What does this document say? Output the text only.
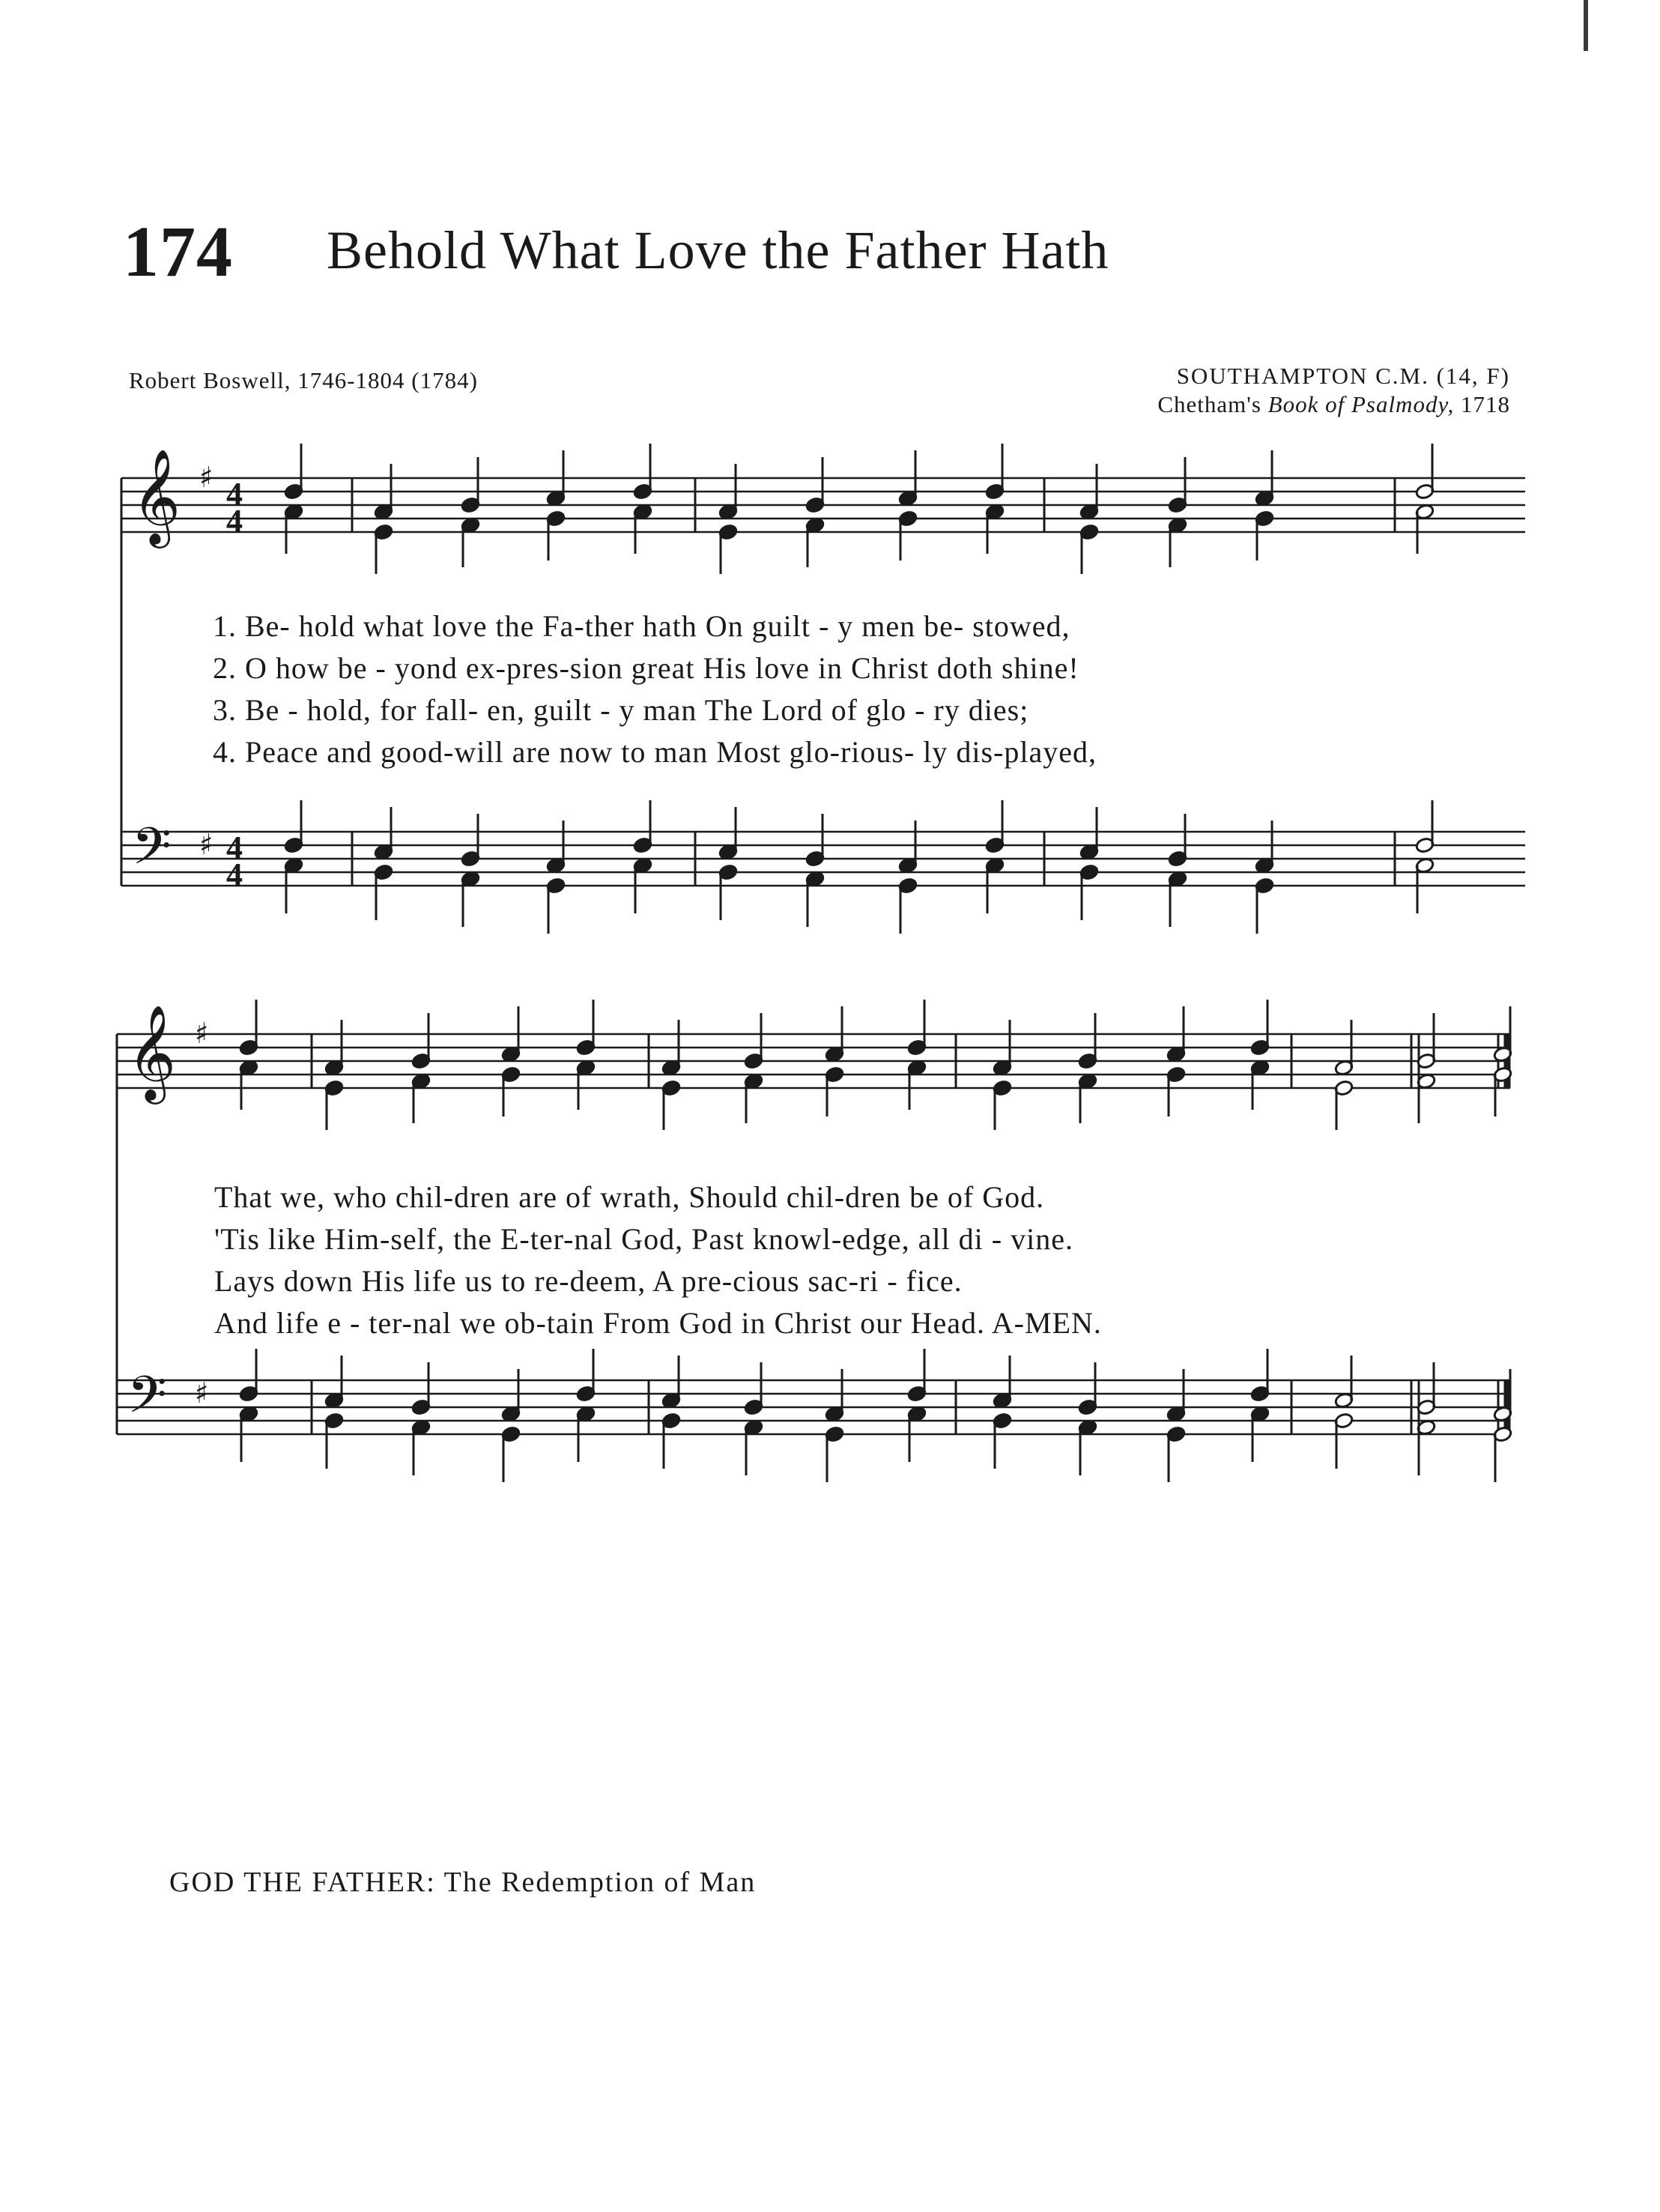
174 Behold What Love the Father Hath
Robert Boswell, 1746-1804 (1784)	SOUTHAMPTON C.M. (14, F)
Chetham's Book of Psalmody, 1718
𝄞
𝄢
♯
♯
4
4
4
4
𝄞
𝄢
♯
♯
1. Be- hold what love the Fa-ther hath On guilt - y men be- stowed,
2. O how be - yond ex-pres-sion great His love in Christ doth shine!
3. Be - hold, for fall- en, guilt - y man The Lord of glo - ry dies;
4. Peace and good-will are now to man Most glo-rious- ly dis-played,
That we, who chil-dren are of wrath, Should chil-dren be of God.
'Tis like Him-self, the E-ter-nal God, Past knowl-edge, all di - vine.
Lays down His life us to re-deem, A pre-cious sac-ri - fice.
And life e - ter-nal we ob-tain From God in Christ our Head. A-MEN.
GOD THE FATHER: The Redemption of Man
